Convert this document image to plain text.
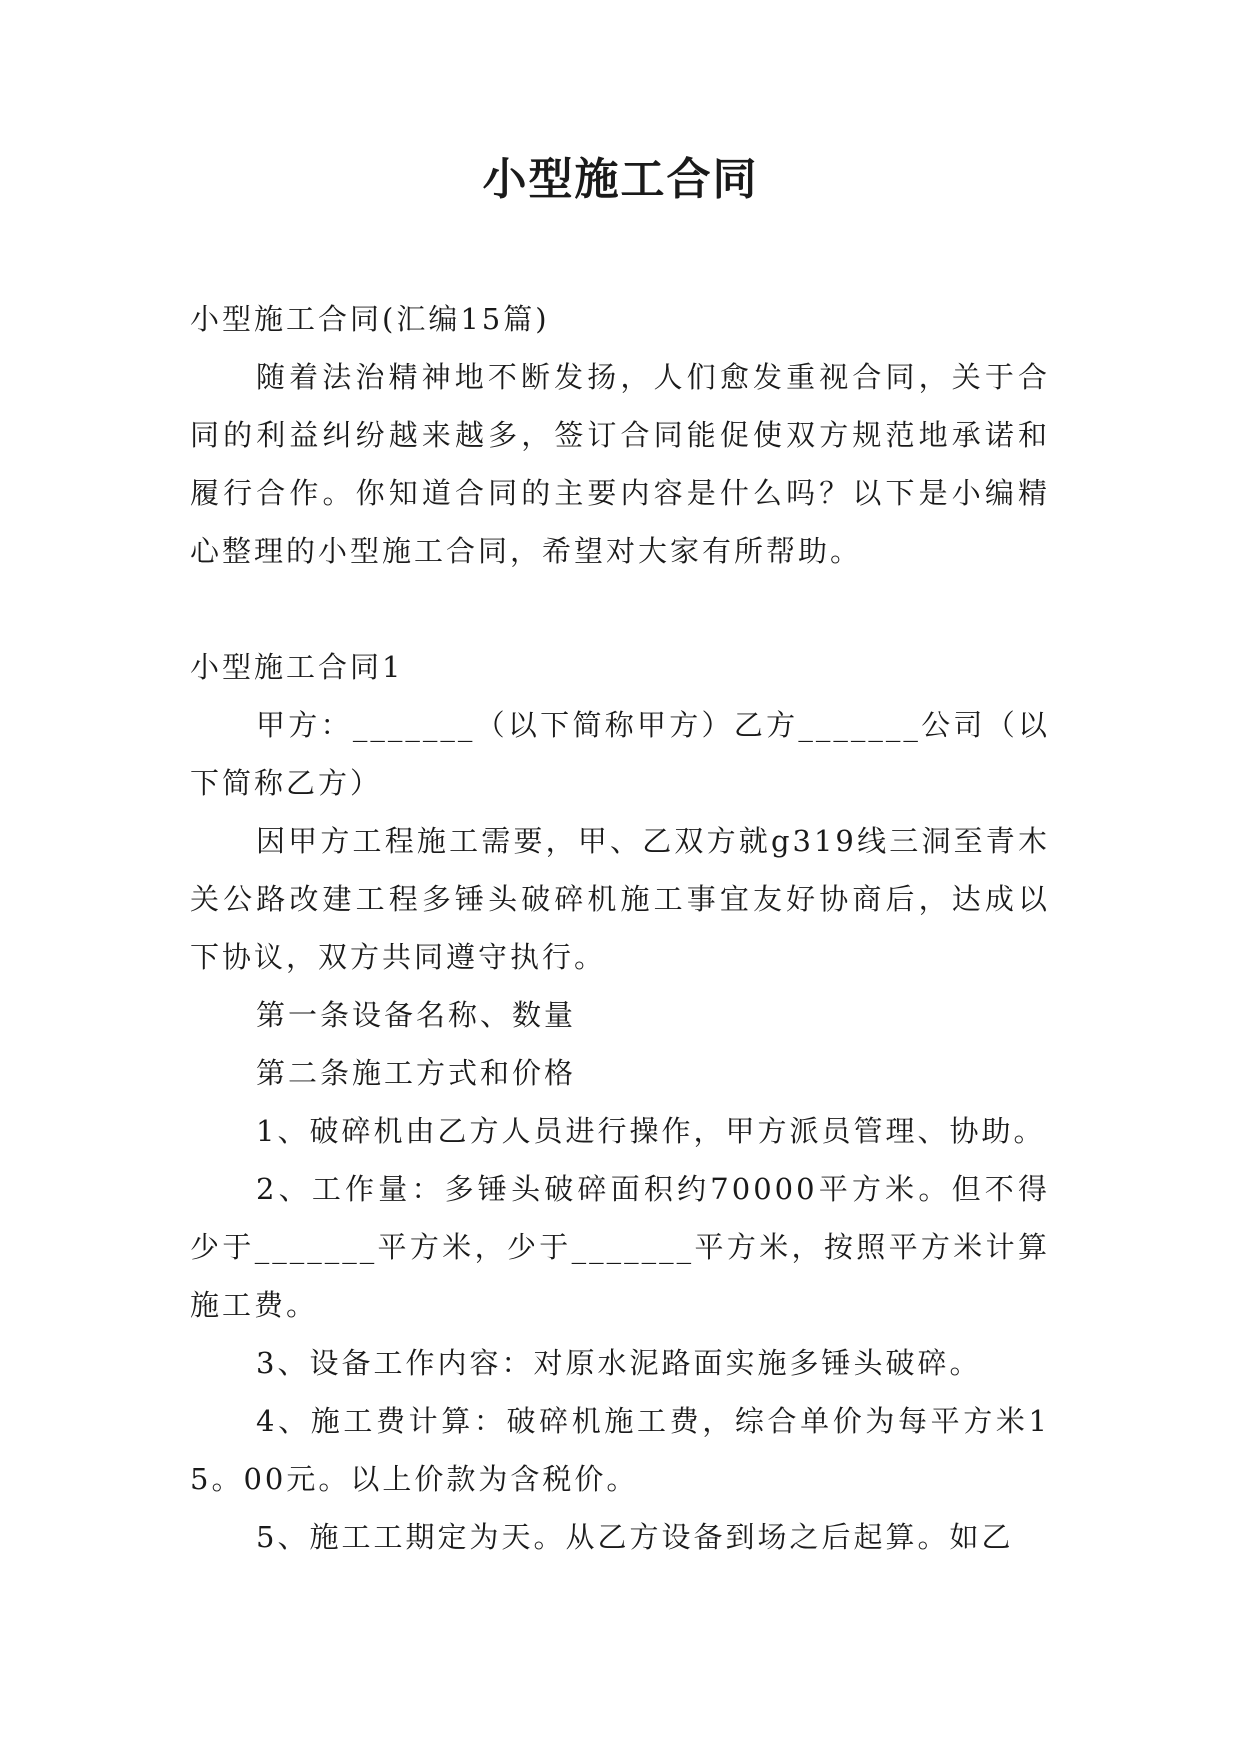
小型施工合同

小型施工合同(汇编15篇)

随着法治精神地不断发扬，人们愈发重视合同，关于合同的利益纠纷越来越多，签订合同能促使双方规范地承诺和履行合作。你知道合同的主要内容是什么吗？以下是小编精心整理的小型施工合同，希望对大家有所帮助。

小型施工合同1

甲方：_______（以下简称甲方）乙方_______公司（以下简称乙方）

因甲方工程施工需要，甲、乙双方就g319线三洞至青木关公路改建工程多锤头破碎机施工事宜友好协商后，达成以下协议，双方共同遵守执行。

第一条设备名称、数量

第二条施工方式和价格

1、破碎机由乙方人员进行操作，甲方派员管理、协助。

2、工作量：多锤头破碎面积约70000平方米。但不得少于_______平方米，少于_______平方米，按照平方米计算施工费。

3、设备工作内容：对原水泥路面实施多锤头破碎。

4、施工费计算：破碎机施工费，综合单价为每平方米15。00元。以上价款为含税价。

5、施工工期定为天。从乙方设备到场之后起算。如乙
